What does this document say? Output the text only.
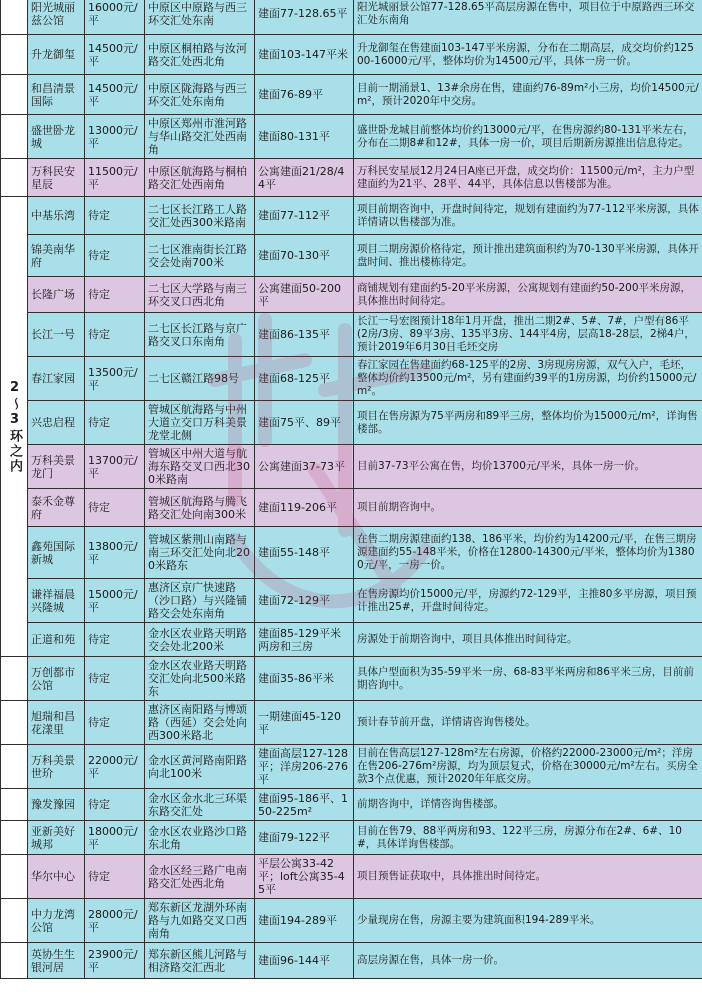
	阳光城丽兹公馆	16000元/平	中原区中原路与西三环交汇处东南	建面77-128.65平	阳光城丽景公馆77-128.65平高层房源在售中，项目位于中原路西三环交汇处东南角
	升龙御玺	14500元/平	中原区桐柏路与汝河路交汇处西北角	建面103-147平米	升龙御玺在售建面103-147平米房源，分布在二期高层，成交均价约12500-16000元/平，整体均价为14500元/平，具体一房一价。
	和昌清景国际	14500元/平	中原区陇海路与西三环交汇处东南角	建面76-89平	目前一期涌景1、13#余房在售，建面约76-89m²小三房，均价14500元/m²，预计2020年中交房。
	盛世卧龙城	13000元/平	中原区郑州市淮河路与华山路交汇处西南角	建面80-131平	盛世卧龙城目前整体均价约13000元/平，在售房源约80-131平米左右，分布在二期8#和12#，具体一房一价，项目后期新房源推出信息待定。
	万科民安星辰	11500元/平	中原区航海路与桐柏路交汇处西南角	公寓建面21/28/44平	万科民安星辰12月24日A座已开盘，成交均价：11500元/m²，主力户型建面约为21平、28平、44平，具体信息以售楼部为准。
2～3环之内	中基乐湾	待定	二七区长江路工人路交汇处西300米路南	建面77-112平	项目前期咨询中，开盘时间待定，规划有建面约为77-112平米房源，具体详情请以售楼部为准。
	锦美南华府	待定	二七区淮南街长江路交会处南700米	建面70-130平	项目二期房源价格待定，预计推出建筑面积约为70-130平米房源，具体开盘时间、推出楼栋待定。
	长隆广场	待定	二七区大学路与南三环交叉口西北角	公寓建面50-200平	商铺规划有建面约5-20平米房源，公寓规划有建面约50-200平米房源，具体推出时间待定。
	长江一号	待定	二七区长江路与京广路交叉口东南角	建面86-135平	长江一号宏图预计18年1月开盘，推出二期2#、5#、7#，户型有86平(2房/3房、89平3房、135平3房、144平4房，层高18-28层，2梯4户，预计2019年6月30日毛坯交房
	春江家园	13500元/平	二七区赣江路98号	建面68-125平	春江家园在售建面约68-125平的2房、3房现房房源，双气入户，毛坯，整体均价约13500元/m²，另有建面约39平的1房房源，均价约15000元/m²。
	兴忠启程	待定	管城区航海路与中州大道立交口万科美景龙堂北侧	建面75平、89平	项目在售房源为75平两房和89平三房，整体均价为15000元/m²，详询售楼部。
	万科美景龙门	13700元/平	管城区中州大道与航海东路交叉口西北300米路南	公寓建面37-73平	目前37-73平公寓在售，均价13700元/平米，具体一房一价。
	泰禾金尊府	待定	管城区航海路与腾飞路交汇处向南300米	建面119-206平	项目前期咨询中。
	鑫苑国际新城	13800元/平	管城区紫荆山南路与南三环交汇处向北200米路东	建面55-148平	在售二期房源建面约138、186平米，均价约为14200元/平，在售三期房源建面约55-148平米，价格在12800-14300元/平米，整体均价为13800元/平，一房一价。
	谦祥福晨兴隆城	15000元/平	惠济区京广快速路（沙口路）与兴隆铺路交会处东南角	建面72-129平	在售房源均价15000元/平，房源约72-129平，主推80多平房源，项目预计推出25#，开盘时间待定。
	正道和苑	待定	金水区农业路天明路交会处北200米	建面85-129平米两房和三房	房源处于前期咨询中，项目具体推出时间待定。
	万创都市公馆	待定	金水区农业路天明路交汇处向北500米路东	建面35-86平米	具体户型面积为35-59平米一房、68-83平米两房和86平米三房，目前前期咨询中。
	旭瑞和昌花漾里	待定	惠济区南阳路与博颂路（西延）交会处向西300米路北	一期建面45-120平	预计春节前开盘，详情请咨询售楼处。
	万科美景世玠	22000元/平	金水区黄河路南阳路向北100米	建面高层127-128平；洋房206-276平	目前在售高层127-128m²左右房源，价格约22000-23000元/m²；洋房在售206-276m²房源，均为顶层复式，价格在30000元/m²左右。买房全款3个点优惠，预计2020年年底交房。
	豫发豫园	待定	金水区金水北三环渠东路交汇处	建面95-186平、150-225m²	前期咨询中，详情咨询售楼部。
	亚新美好城邦	18000元/平	金水区农业路沙口路东北角	建面79-122平	目前在售79、88平两房和93、122平三房，房源分布在2#、6#、10#，具体详询售楼部。
	华尔中心	待定	金水区经三路广电南路交汇处西北角	平层公寓33-42平；loft公寓35-45平	项目预售证获取中，具体推出时间待定。
	中力龙湾公馆	28000元/平	郑东新区龙湖外环南路与九如路交叉口西南角	建面194-289平	少量现房在售，房源主要为建筑面积194-289平米。
	英协生生银河居	23900元/平	郑东新区熊儿河路与相济路交汇西北	建面96-144平	高层房源在售，具体一房一价。
